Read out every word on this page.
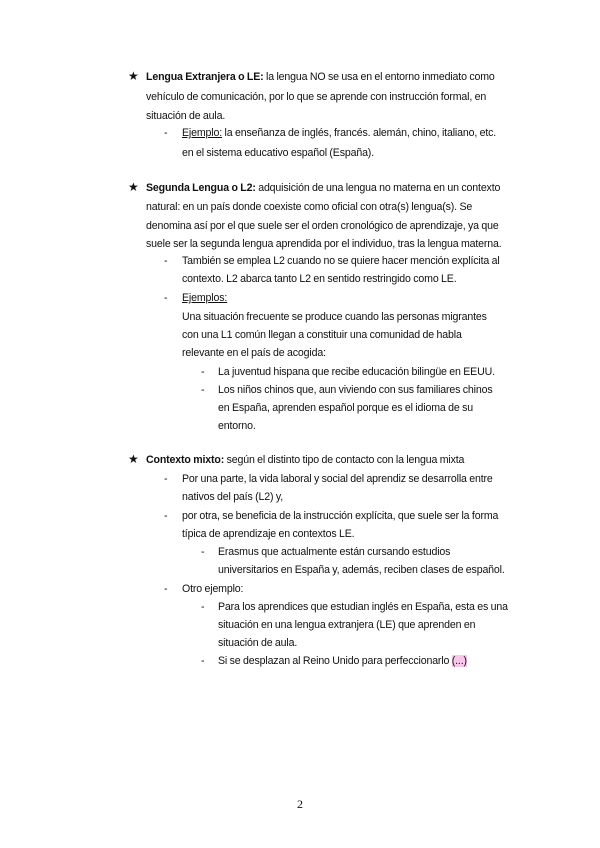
★ Lengua Extranjera o LE: la lengua NO se usa en el entorno inmediato como
vehículo de comunicación, por lo que se aprende con instrucción formal, en
situación de aula.
- Ejemplo: la enseñanza de inglés, francés. alemán, chino, italiano, etc.
en el sistema educativo español (España).
★ Segunda Lengua o L2: adquisición de una lengua no materna en un contexto
natural: en un país donde coexiste como oficial con otra(s) lengua(s). Se
denomina así por el que suele ser el orden cronológico de aprendizaje, ya que
suele ser la segunda lengua aprendida por el individuo, tras la lengua materna.
- También se emplea L2 cuando no se quiere hacer mención explícita al
contexto. L2 abarca tanto L2 en sentido restringido como LE.
- Ejemplos:
Una situación frecuente se produce cuando las personas migrantes
con una L1 común llegan a constituir una comunidad de habla
relevante en el país de acogida:
- La juventud hispana que recibe educación bilingüe en EEUU.
- Los niños chinos que, aun viviendo con sus familiares chinos
en España, aprenden español porque es el idioma de su
entorno.
★ Contexto mixto: según el distinto tipo de contacto con la lengua mixta
- Por una parte, la vida laboral y social del aprendiz se desarrolla entre
nativos del país (L2) y,
- por otra, se beneficia de la instrucción explícita, que suele ser la forma
típica de aprendizaje en contextos LE.
- Erasmus que actualmente están cursando estudios
universitarios en España y, además, reciben clases de español.
- Otro ejemplo:
- Para los aprendices que estudian inglés en España, esta es una
situación en una lengua extranjera (LE) que aprenden en
situación de aula.
- Si se desplazan al Reino Unido para perfeccionarlo (...)
2
